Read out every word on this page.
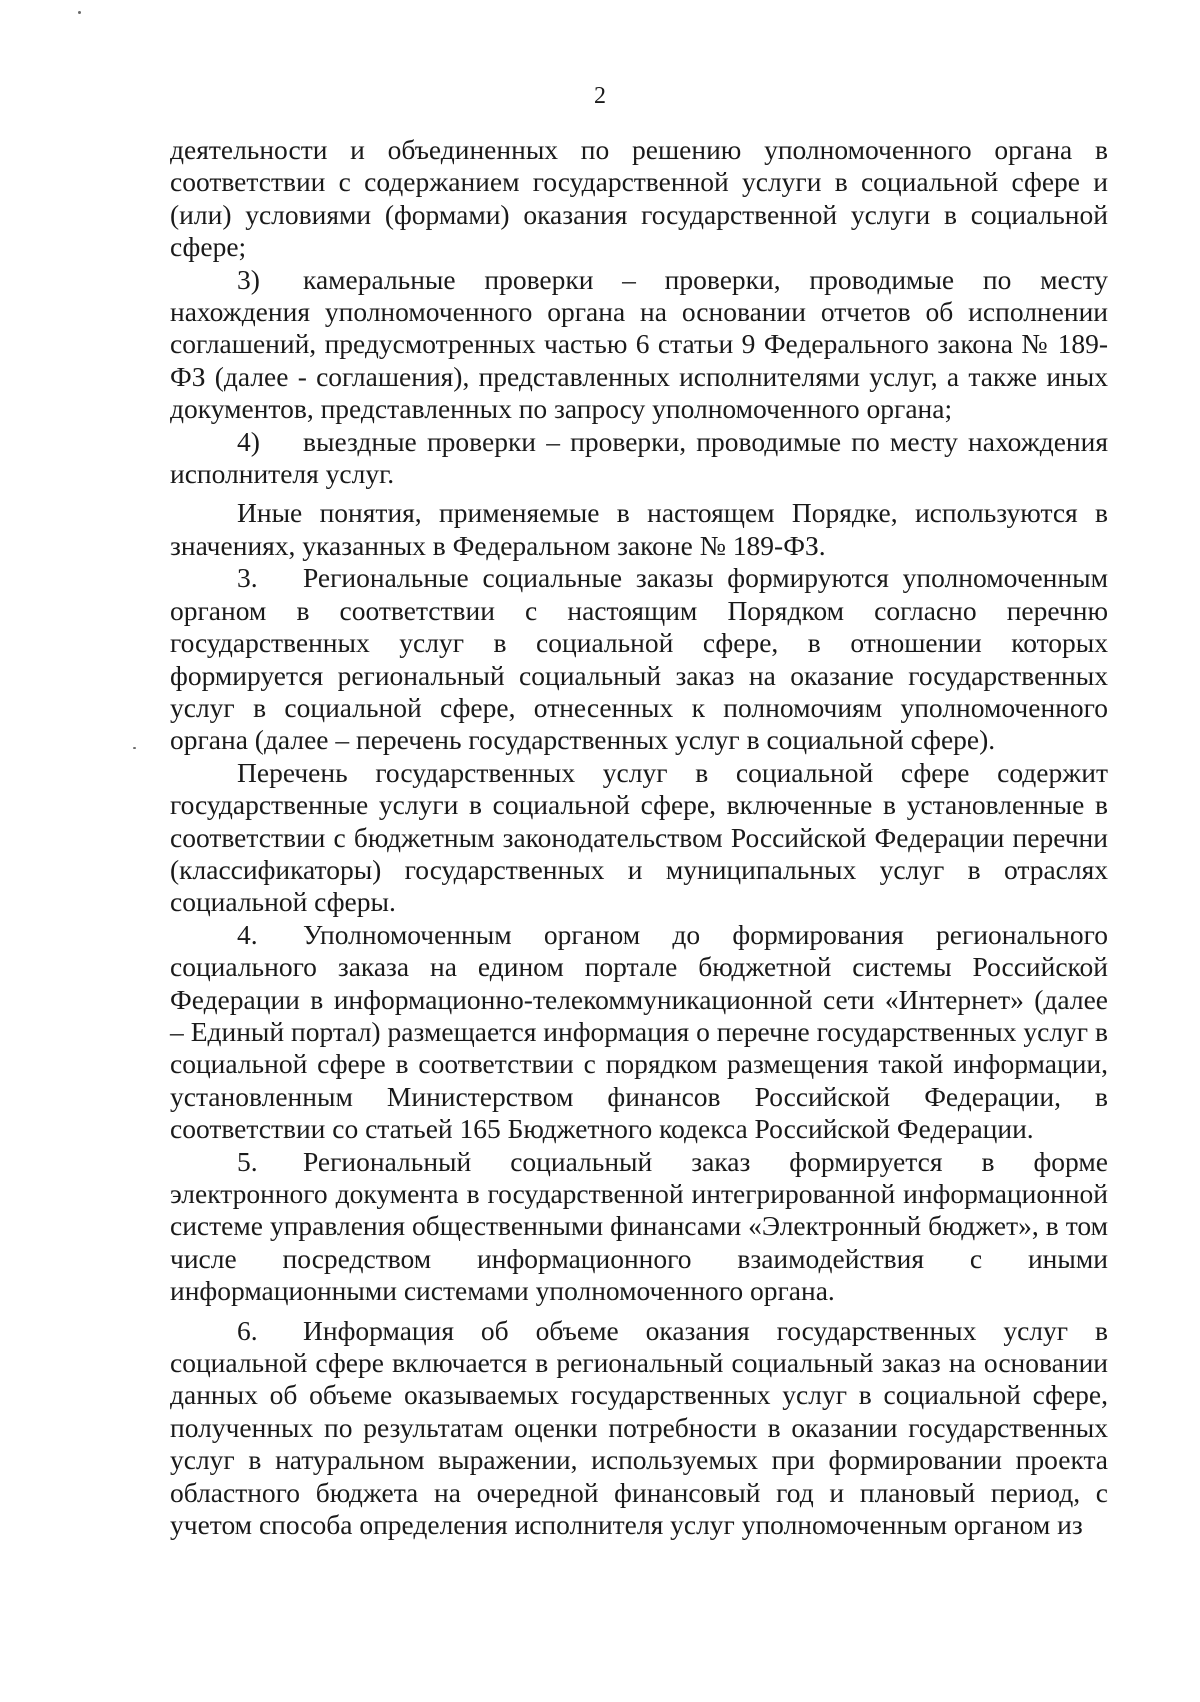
2

деятельности и объединенных по решению уполномоченного органа в соответствии с содержанием государственной услуги в социальной сфере и (или) условиями (формами) оказания государственной услуги в социальной сфере;

3) камеральные проверки – проверки, проводимые по месту нахождения уполномоченного органа на основании отчетов об исполнении соглашений, предусмотренных частью 6 статьи 9 Федерального закона № 189-ФЗ (далее - соглашения), представленных исполнителями услуг, а также иных документов, представленных по запросу уполномоченного органа;

4) выездные проверки – проверки, проводимые по месту нахождения исполнителя услуг.

Иные понятия, применяемые в настоящем Порядке, используются в значениях, указанных в Федеральном законе № 189-ФЗ.

3. Региональные социальные заказы формируются уполномоченным органом в соответствии с настоящим Порядком согласно перечню государственных услуг в социальной сфере, в отношении которых формируется региональный социальный заказ на оказание государственных услуг в социальной сфере, отнесенных к полномочиям уполномоченного органа (далее – перечень государственных услуг в социальной сфере).

Перечень государственных услуг в социальной сфере содержит государственные услуги в социальной сфере, включенные в установленные в соответствии с бюджетным законодательством Российской Федерации перечни (классификаторы) государственных и муниципальных услуг в отраслях социальной сферы.

4. Уполномоченным органом до формирования регионального социального заказа на едином портале бюджетной системы Российской Федерации в информационно-телекоммуникационной сети «Интернет» (далее – Единый портал) размещается информация о перечне государственных услуг в социальной сфере в соответствии с порядком размещения такой информации, установленным Министерством финансов Российской Федерации, в соответствии со статьей 165 Бюджетного кодекса Российской Федерации.

5. Региональный социальный заказ формируется в форме электронного документа в государственной интегрированной информационной системе управления общественными финансами «Электронный бюджет», в том числе посредством информационного взаимодействия с иными информационными системами уполномоченного органа.

6. Информация об объеме оказания государственных услуг в социальной сфере включается в региональный социальный заказ на основании данных об объеме оказываемых государственных услуг в социальной сфере, полученных по результатам оценки потребности в оказании государственных услуг в натуральном выражении, используемых при формировании проекта областного бюджета на очередной финансовый год и плановый период, с учетом способа определения исполнителя услуг уполномоченным органом из
